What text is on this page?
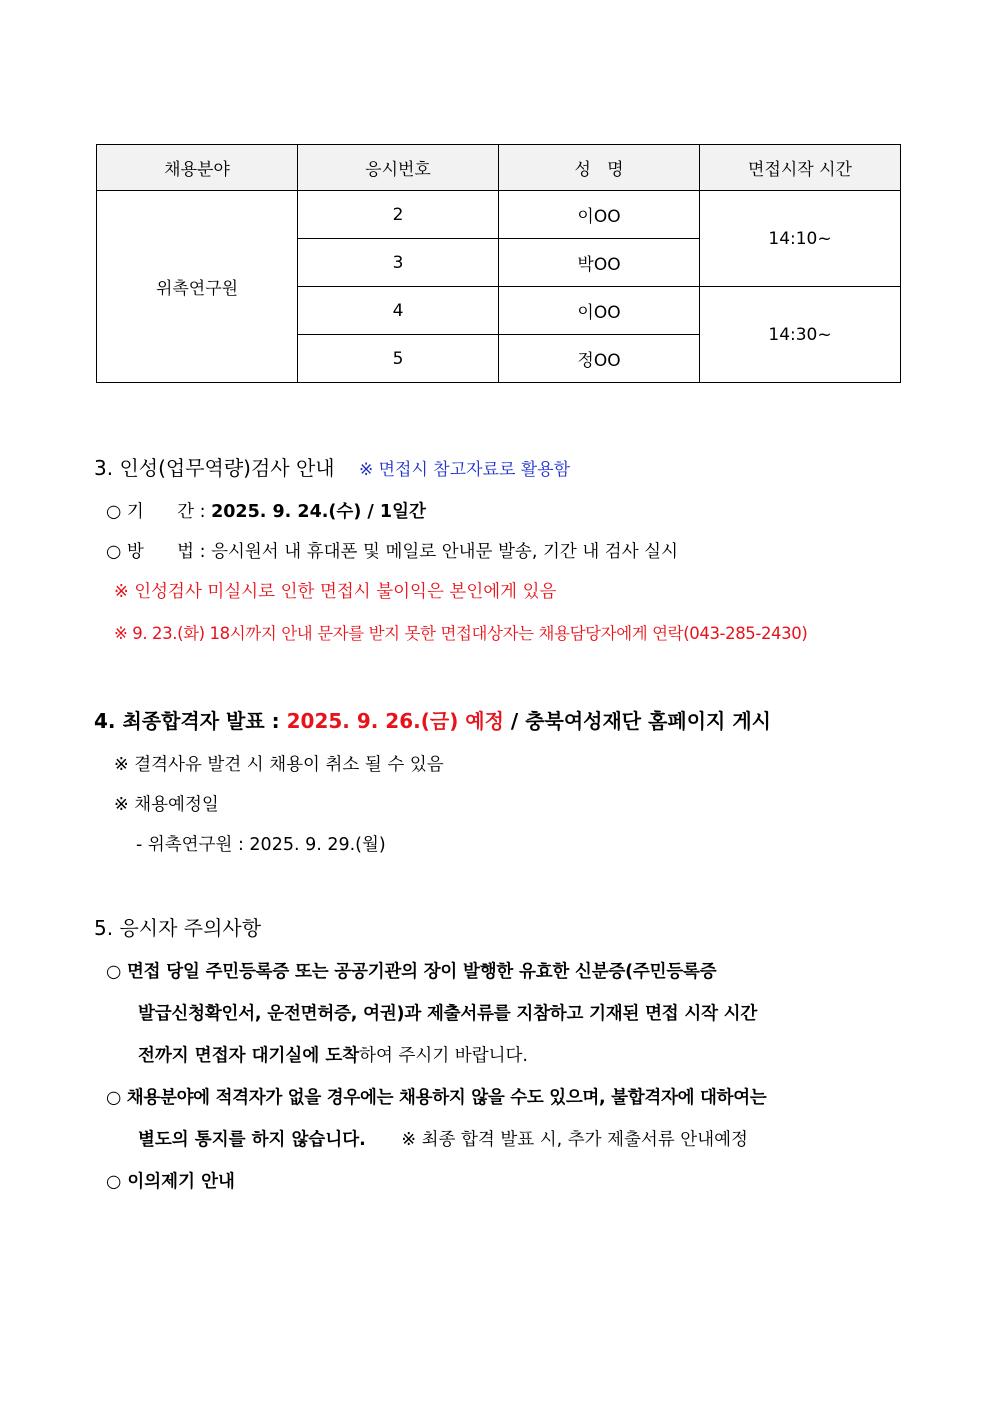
채용분야	응시번호	성   명	면접시작 시간
위촉연구원	2	이OO	14:10~
	3	박OO	
	4	이OO	14:30~
	5	정OO	
3. 인성(업무역량)검사 안내 ※ 면접시 참고자료로 활용함
○ 기      간 : 2025. 9. 24.(수) / 1일간
○ 방      법 : 응시원서 내 휴대폰 및 메일로 안내문 발송, 기간 내 검사 실시
※ 인성검사 미실시로 인한 면접시 불이익은 본인에게 있음
※ 9. 23.(화) 18시까지 안내 문자를 받지 못한 면접대상자는 채용담당자에게 연락(043-285-2430)
4. 최종합격자 발표 : 2025. 9. 26.(금) 예정 / 충북여성재단 홈페이지 게시
※ 결격사유 발견 시 채용이 취소 될 수 있음
※ 채용예정일
- 위촉연구원 : 2025. 9. 29.(월)
5. 응시자 주의사항
○ 면접 당일 주민등록증 또는 공공기관의 장이 발행한 유효한 신분증(주민등록증
발급신청확인서, 운전면허증, 여권)과 제출서류를 지참하고 기재된 면접 시작 시간
전까지 면접자 대기실에 도착하여 주시기 바랍니다.
○ 채용분야에 적격자가 없을 경우에는 채용하지 않을 수도 있으며, 불합격자에 대하여는
별도의 통지를 하지 않습니다. ※ 최종 합격 발표 시, 추가 제출서류 안내예정
○ 이의제기 안내
